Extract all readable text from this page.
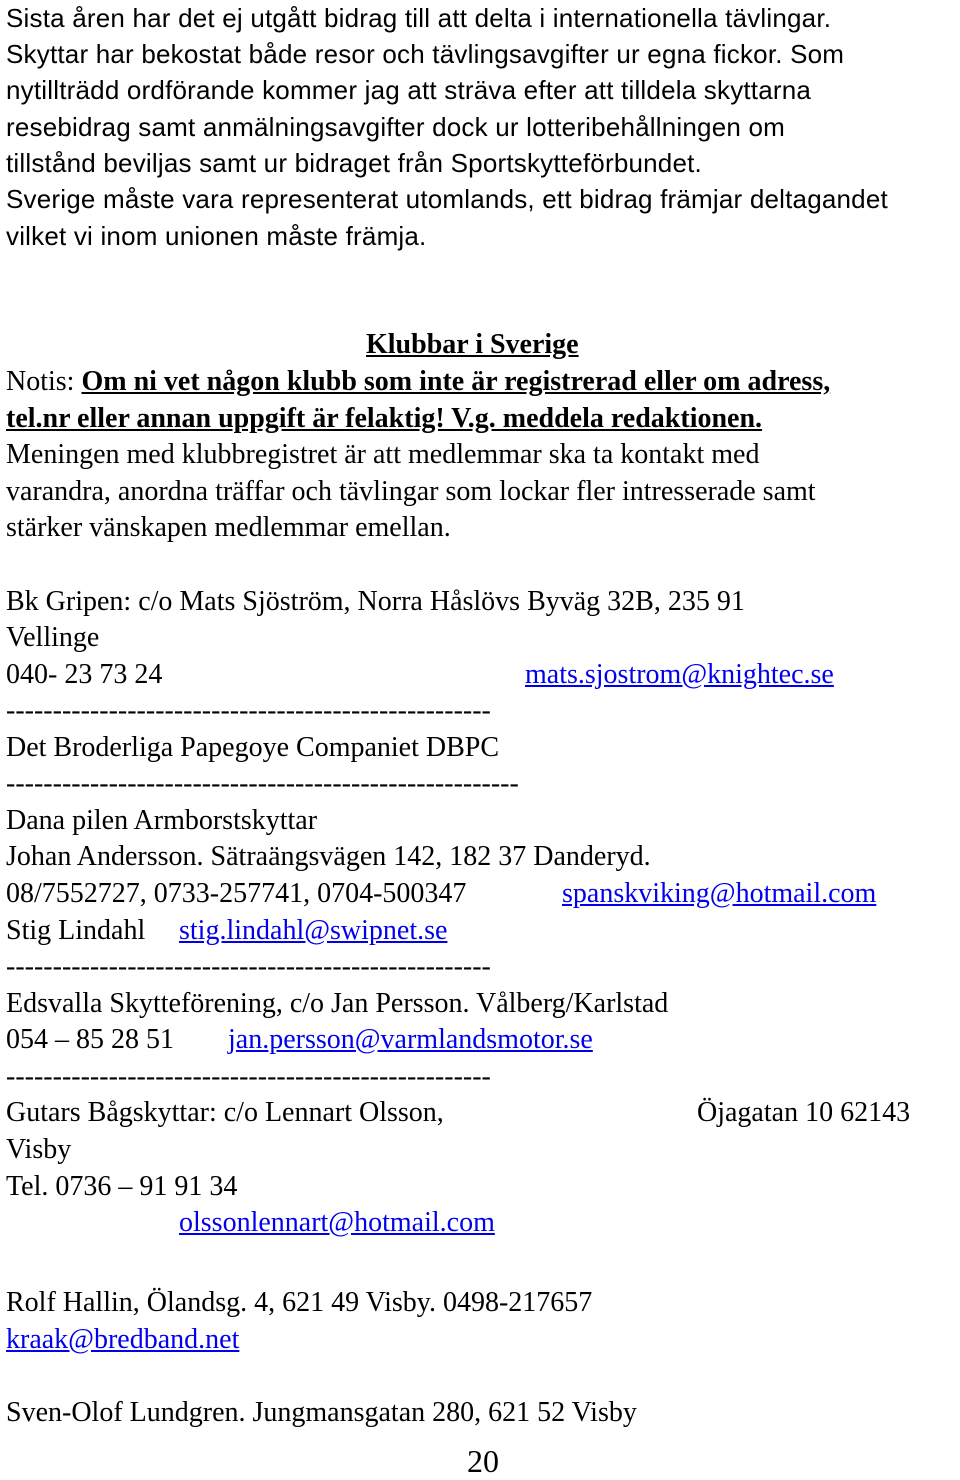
Sista åren har det ej utgått bidrag till att delta i internationella tävlingar.
Skyttar har bekostat både resor och tävlingsavgifter ur egna fickor. Som
nytillträdd ordförande kommer jag att sträva efter att tilldela skyttarna
resebidrag samt anmälningsavgifter dock ur lotteribehållningen om
tillstånd beviljas samt ur bidraget från Sportskytteförbundet.
Sverige måste vara representerat utomlands, ett bidrag främjar deltagandet
vilket vi inom unionen måste främja.
Klubbar i Sverige
Notis: Om ni vet någon klubb som inte är registrerad eller om adress,
tel.nr eller annan uppgift är felaktig! V.g. meddela redaktionen.
Meningen med klubbregistret är att medlemmar ska ta kontakt med
varandra, anordna träffar och tävlingar som lockar fler intresserade samt
stärker vänskapen medlemmar emellan.
Bk Gripen: c/o Mats Sjöström, Norra Håslövs Byväg 32B, 235 91
Vellinge
040- 23 73 24	mats.sjostrom@knightec.se
----------------------------------------------------
Det Broderliga Papegoye Companiet DBPC
-------------------------------------------------------
Dana pilen Armborstskyttar
Johan Andersson. Sätraängsvägen 142, 182 37 Danderyd.
08/7552727, 0733-257741, 0704-500347	spanskviking@hotmail.com
Stig Lindahl stig.lindahl@swipnet.se
----------------------------------------------------
Edsvalla Skytteförening, c/o Jan Persson. Vålberg/Karlstad
054 – 85 28 51 jan.persson@varmlandsmotor.se
----------------------------------------------------
Gutars Bågskyttar: c/o Lennart Olsson,	Öjagatan 10 62143
Visby
Tel. 0736 – 91 91 34
olssonlennart@hotmail.com
Rolf Hallin, Ölandsg. 4, 621 49 Visby. 0498-217657
kraak@bredband.net
Sven-Olof Lundgren. Jungmansgatan 280, 621 52 Visby
20
